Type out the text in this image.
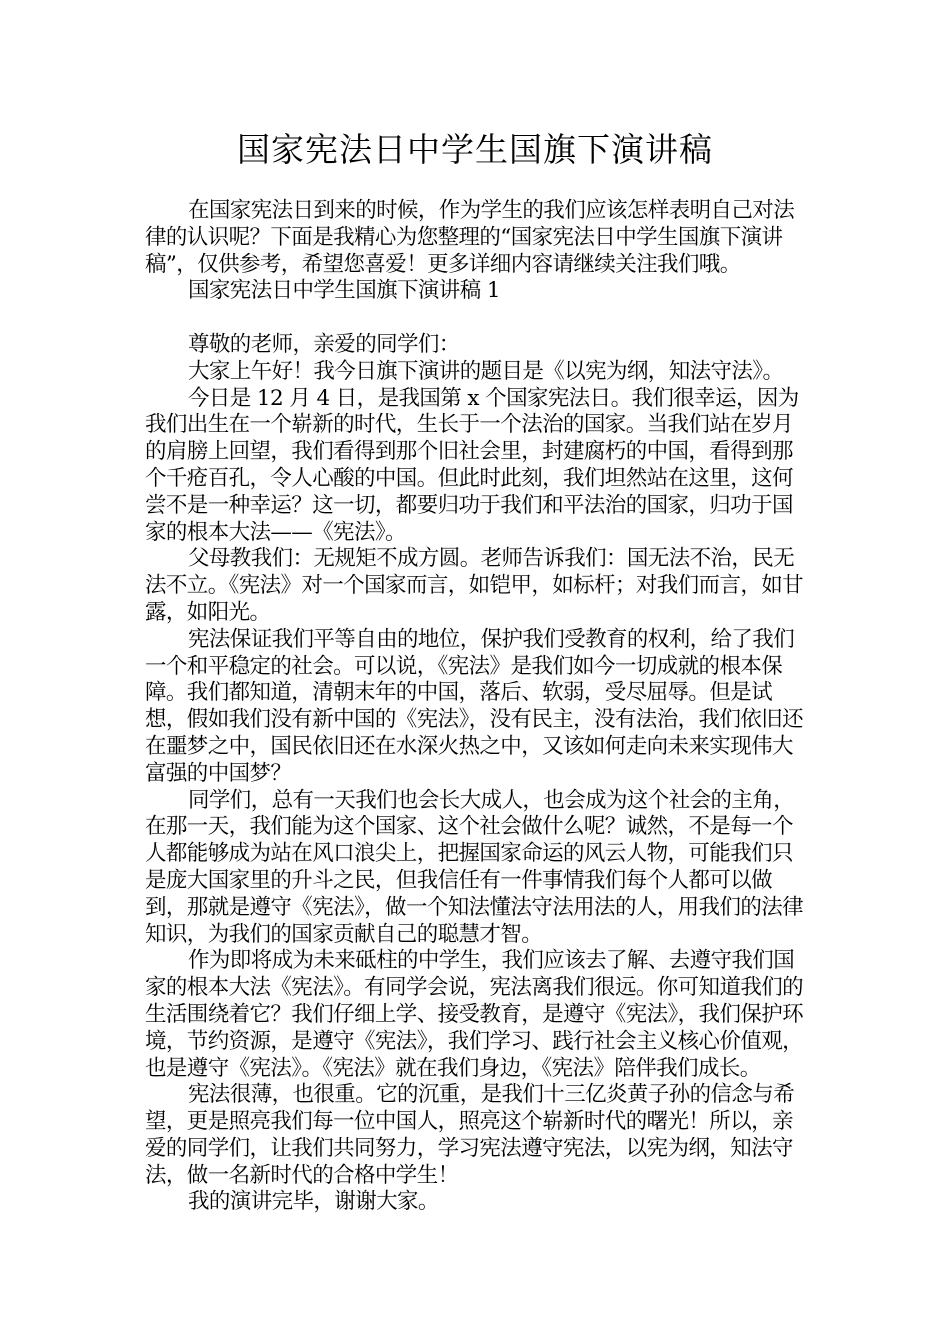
国家宪法日中学生国旗下演讲稿

在国家宪法日到来的时候，作为学生的我们应该怎样表明自己对法律的认识呢？下面是我精心为您整理的“国家宪法日中学生国旗下演讲稿”，仅供参考，希望您喜爱！更多详细内容请继续关注我们哦。

国家宪法日中学生国旗下演讲稿 1

尊敬的老师，亲爱的同学们：

大家上午好！我今日旗下演讲的题目是《以宪为纲，知法守法》。

今日是 12 月 4 日，是我国第 x 个国家宪法日。我们很幸运，因为我们出生在一个崭新的时代，生长于一个法治的国家。当我们站在岁月的肩膀上回望，我们看得到那个旧社会里，封建腐朽的中国，看得到那个千疮百孔，令人心酸的中国。但此时此刻，我们坦然站在这里，这何尝不是一种幸运？这一切，都要归功于我们和平法治的国家，归功于国家的根本大法——《宪法》。

父母教我们：无规矩不成方圆。老师告诉我们：国无法不治，民无法不立。《宪法》对一个国家而言，如铠甲，如标杆；对我们而言，如甘露，如阳光。

宪法保证我们平等自由的地位，保护我们受教育的权利，给了我们一个和平稳定的社会。可以说，《宪法》是我们如今一切成就的根本保障。我们都知道，清朝末年的中国，落后、软弱，受尽屈辱。但是试想，假如我们没有新中国的《宪法》，没有民主，没有法治，我们依旧还在噩梦之中，国民依旧还在水深火热之中，又该如何走向未来实现伟大富强的中国梦？

同学们，总有一天我们也会长大成人，也会成为这个社会的主角，在那一天，我们能为这个国家、这个社会做什么呢？诚然，不是每一个人都能够成为站在风口浪尖上，把握国家命运的风云人物，可能我们只是庞大国家里的升斗之民，但我信任有一件事情我们每个人都可以做到，那就是遵守《宪法》，做一个知法懂法守法用法的人，用我们的法律知识，为我们的国家贡献自己的聪慧才智。

作为即将成为未来砥柱的中学生，我们应该去了解、去遵守我们国家的根本大法《宪法》。有同学会说，宪法离我们很远。你可知道我们的生活围绕着它？我们仔细上学、接受教育，是遵守《宪法》，我们保护环境，节约资源，是遵守《宪法》，我们学习、践行社会主义核心价值观，也是遵守《宪法》。《宪法》就在我们身边，《宪法》陪伴我们成长。

宪法很薄，也很重。它的沉重，是我们十三亿炎黄子孙的信念与希望，更是照亮我们每一位中国人，照亮这个崭新时代的曙光！所以，亲爱的同学们，让我们共同努力，学习宪法遵守宪法，以宪为纲，知法守法，做一名新时代的合格中学生！

我的演讲完毕，谢谢大家。
